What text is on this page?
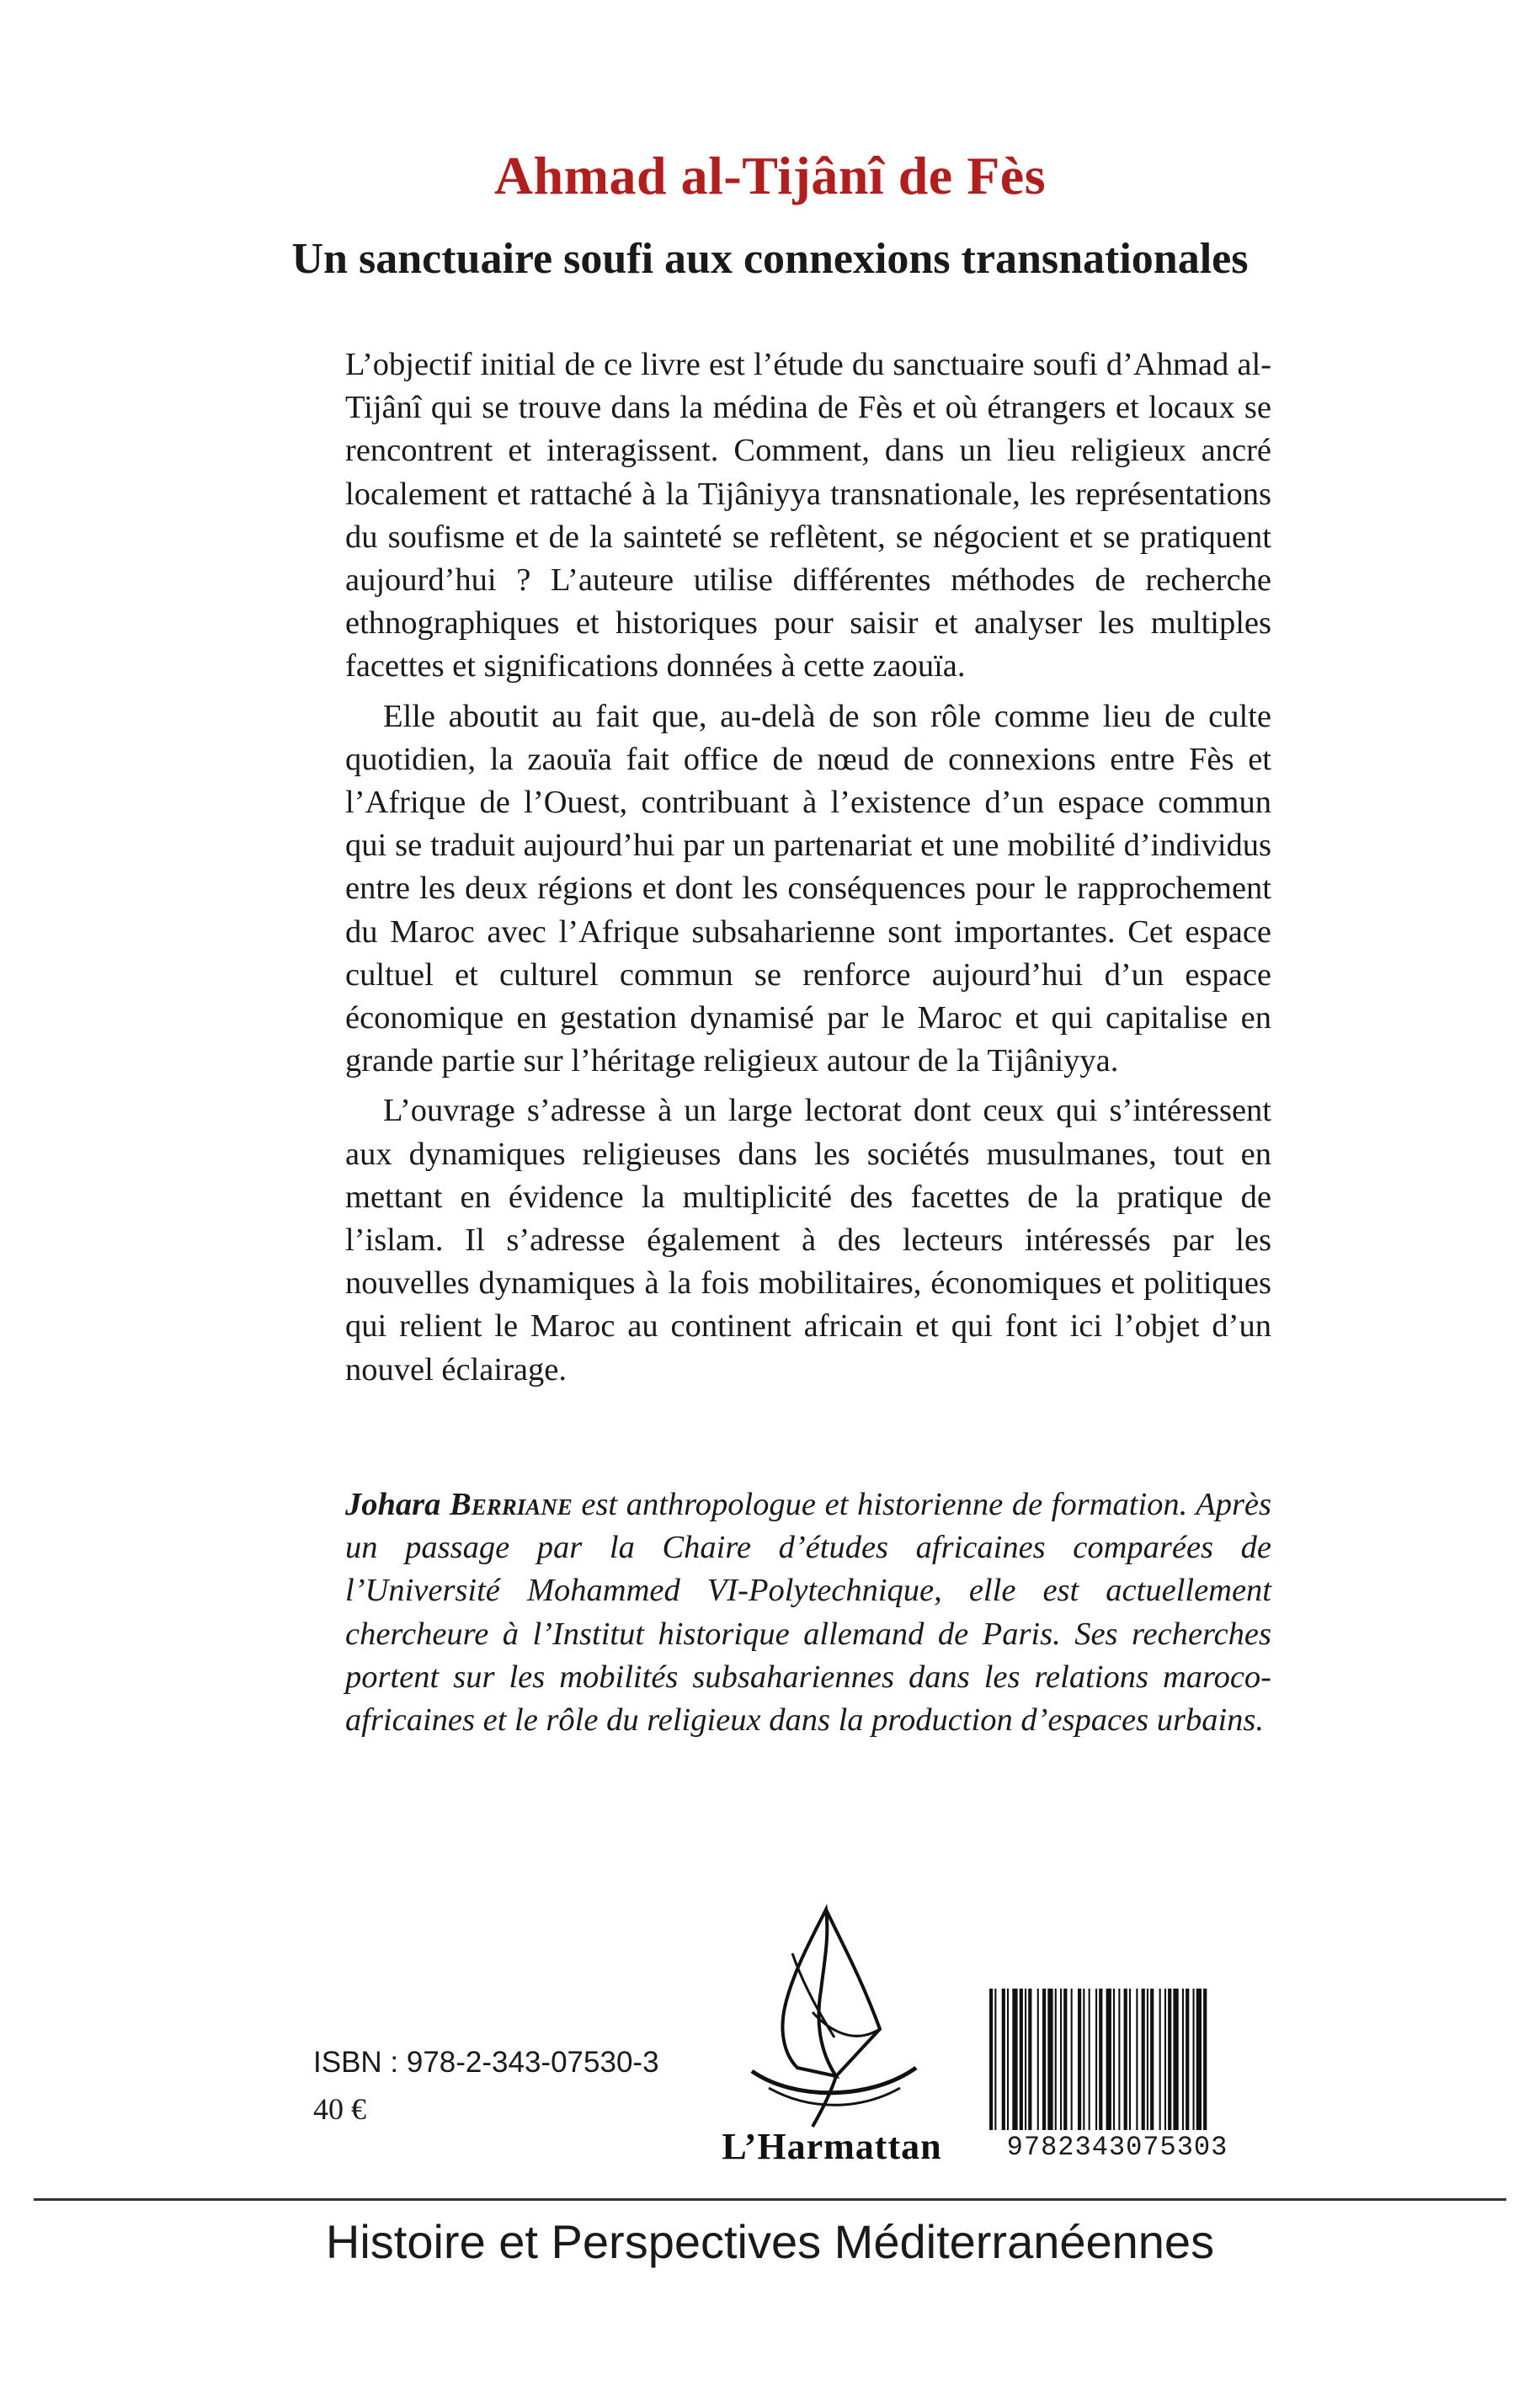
Ahmad al-Tijânî de Fès
Un sanctuaire soufi aux connexions transnationales

L’objectif initial de ce livre est l’étude du sanctuaire soufi d’Ahmad al-Tijânî qui se trouve dans la médina de Fès et où étrangers et locaux se rencontrent et interagissent. Comment, dans un lieu religieux ancré localement et rattaché à la Tijâniyya transnationale, les représentations du soufisme et de la sainteté se reflètent, se négocient et se pratiquent aujourd’hui ? L’auteure utilise différentes méthodes de recherche ethnographiques et historiques pour saisir et analyser les multiples facettes et significations données à cette zaouïa.

Elle aboutit au fait que, au-delà de son rôle comme lieu de culte quotidien, la zaouïa fait office de nœud de connexions entre Fès et l’Afrique de l’Ouest, contribuant à l’existence d’un espace commun qui se traduit aujourd’hui par un partenariat et une mobilité d’individus entre les deux régions et dont les conséquences pour le rapprochement du Maroc avec l’Afrique subsaharienne sont importantes. Cet espace cultuel et culturel commun se renforce aujourd’hui d’un espace économique en gestation dynamisé par le Maroc et qui capitalise en grande partie sur l’héritage religieux autour de la Tijâniyya.

L’ouvrage s’adresse à un large lectorat dont ceux qui s’intéressent aux dynamiques religieuses dans les sociétés musulmanes, tout en mettant en évidence la multiplicité des facettes de la pratique de l’islam. Il s’adresse également à des lecteurs intéressés par les nouvelles dynamiques à la fois mobilitaires, économiques et politiques qui relient le Maroc au continent africain et qui font ici l’objet d’un nouvel éclairage.

Johara Berriane est anthropologue et historienne de formation. Après un passage par la Chaire d’études africaines comparées de l’Université Mohammed VI-Polytechnique, elle est actuellement chercheure à l’Institut historique allemand de Paris. Ses recherches portent sur les mobilités subsahariennes dans les relations maroco-africaines et le rôle du religieux dans la production d’espaces urbains.

ISBN : 978-2-343-07530-3
40 €
L’Harmattan	9782343075303
Histoire et Perspectives Méditerranéennes
